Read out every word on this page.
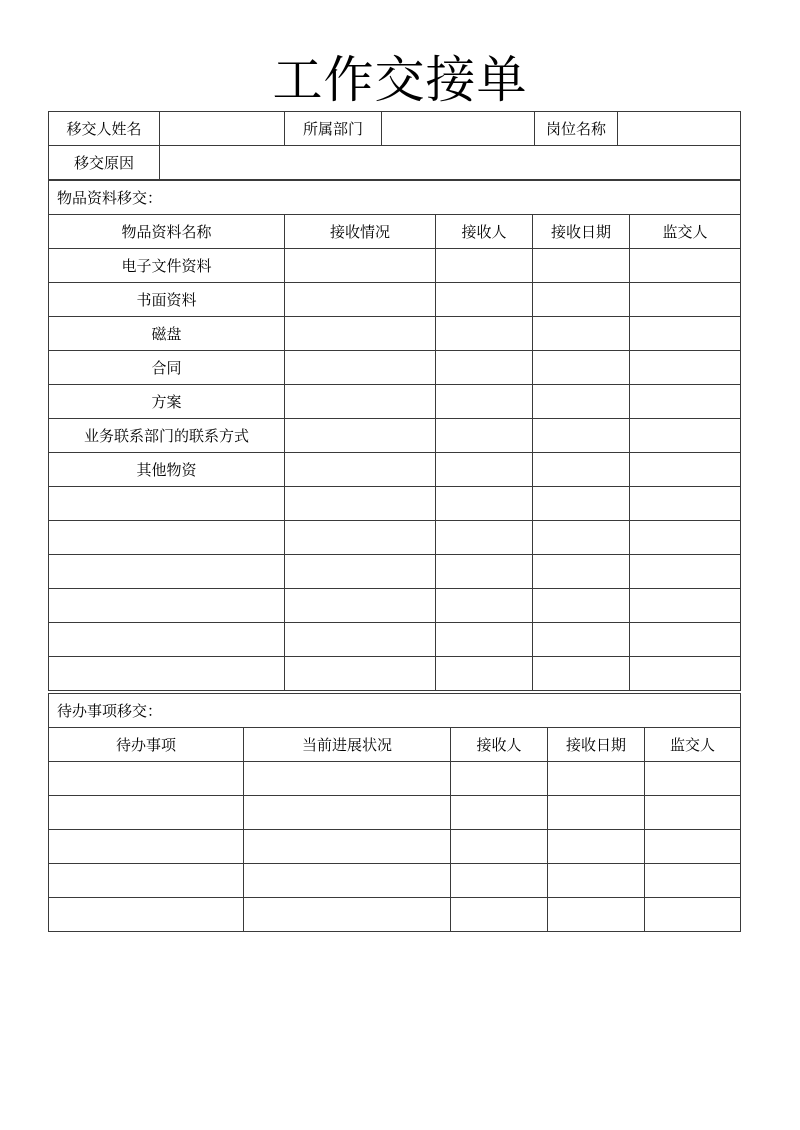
工作交接单
移交人姓名		所属部门		岗位名称	
移交原因					
物品资料移交：				
物品资料名称	接收情况	接收人	接收日期	监交人
电子文件资料				
书面资料				
磁盘				
合同				
方案				
业务联系部门的联系方式				
其他物资				

待办事项移交：				
待办事项	当前进展状况	接收人	接收日期	监交人
